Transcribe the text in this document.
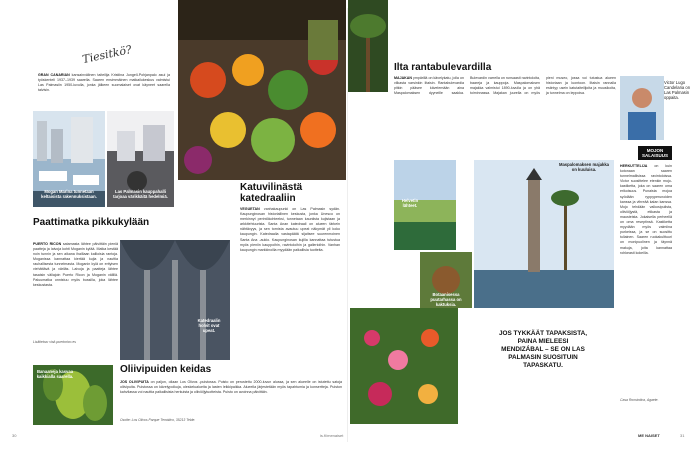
Tiesitkö?

GRAN CANARIAN kansainvälinen taiteilija Kristiina Jungell-Pohjanpalo asui ja työskenteli 1937–1939 saarella. Saaren ensimmäinen matkailukeskus valmistui Las Palmasiin 1950-luvulla, jonka jälkeen suomalaiset ovat käyneet saarella talvisin.

Mogan Marina tunnetaan keltaisista rakennuksistaan.
Las Palmasin kauppahalli tarjoaa värikkäitä hedelmiä.
Paattimatka pikkukylään

PUERTO RICON satamasta lähtee päivittäin pieniä paatteja ja laivoja kohti Moganin kylää. Matka kestää noin tunnin ja sen aikana ihaillaan kallioisia rantoja. Moganissa kannattaa kiertää kujia ja nauttia rauhallisesta tunnelmasta. Moganin kylä on erityisen viehättävä ja väriläs. Laivoja ja paatteja lähtee tasaisin väliajoin Puerto Ricon ja Moganin välillä. Paluumatka onnistuu myös bussilla, joka lähtee keskustasta.

Lisätietoa: visit-puertorico.es
Katuvilinästä katedraaliin

VEGUETAN vanhakaupunki on Las Palmasin sydän. Kaupunginosan historiallinen keskusta, jonka Unesco on merkinnyt perintökohteeksi, tunnetaan kauniista kujistaan ja arkkitehtuurista. Santa Anan katedraali on alueen tärkein nähtävyys, ja sen tornista avautuu upeat näkymät yli koko kaupungin. Katedraalia vastapäätä sijaitsee suurenmoinen Santa Ana -aukio. Kaupunginosan kujilla kannattaa tutustua myös pieniin kauppoihin, ravintoloihin ja gallerioihin. Vanhan kaupungin markkinoilla myydään paikallisia tuotteita.

Katedraalin holvit ovat upeat.
Banaaneja kasvaa kaikkialla saarella.
Oliivipuiden keidas

JOS OLIVIPUITA on paljon, ollaan Los Olivos -puistossa. Puisto on perustettu 2000-luvun alussa, ja sen alueelle on istutettu satoja oliivipuita. Puistossa on kävelypolkuja, oleskelualueita ja lasten leikkipaikka. Alueella järjestetään myös tapahtumia ja konsertteja. Puiston kahvilassa voi nauttia paikallisista herkuista ja oliiviöljytuotteista. Puisto on avoinna päivittäin.

Osoite: Los Olivos Parque Temático, 35213 Telde.
Ilta rantabulevardilla

MAJAKAN ympärillä on kävelykatu, jolla on vilkasta varsinkin iltaisin. Rantabulevardia pitkin pääsee kävelemään aina Maspalomaksen dyyneille saakka. Bulevardin varrella on runsaasti ravintoloita, baareja ja kauppoja. Maspalomaksen majakka valmistui 1890-luvulla ja on yhä toiminnassa. Majakan juurella on myös pieni museo, jossa voi tutustua alueen historiaan ja luontoon. Iltaisin rannalla esiintyy usein katutaiteilijoita ja muusikoita, ja tunnelma on leppoisa.

Victor Lugo Candelaria on Las Palmasin oppaita.
MOJON SALAISUUS

HERKUTTELIJA on kuin kotonaan saaren tunnelmallisissa ravintoloissa. Victor suosittelee etenkin mojo-kastiketta, joka on saaren oma erikoisuus. Punaista mojoa syödään ryppyperunoiden kanssa ja vihreää kalan kanssa. Mojo tehdään valkosipulista, oliiviöljystä, etikasta ja mausteista. Jokaisella perheellä on oma reseptinsä. Kastiketta myydään myös valmiina purkeissa, ja se on suosittu tuliainen. Saaren ruokakulttuuri on monipuolinen ja täynnä makuja, joita kannattaa rohkeasti kokeilla.

Casa Romántica, Agaete.
Helvetin lähteet.
Botaanisessa puutarhassa on kaktuksia.
Maspalomaksen majakka on kuuluisa.
JOS TYKKÄÄT TAPAKSISTA, PAINA MIELEESI MENDIZÁBAL – SE ON LAS PALMASIN SUOSITUIN TAPASKATU.
30	is.fi/menaiset	ME NAISET	31
